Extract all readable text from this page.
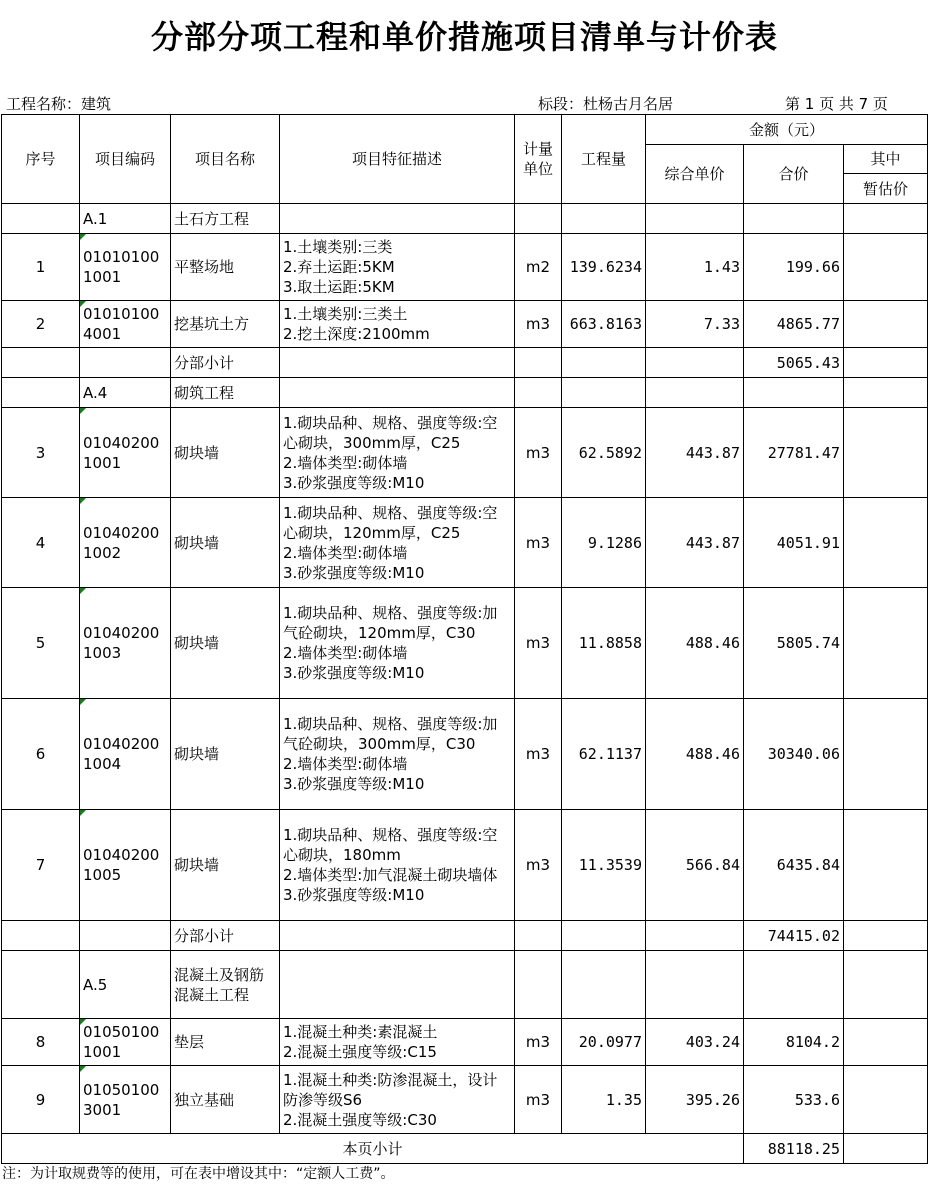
分部分项工程和单价措施项目清单与计价表
工程名称：建筑	标段：杜杨古月名居	第 1 页 共 7 页
序号	项目编码	项目名称	项目特征描述	计量单位	工程量	金额（元）		
						综合单价	合价	其中
								暂估价
	A.1	土石方工程						
1	010101001001	平整场地	1.土壤类别:三类
2.弃土运距:5KM
3.取土运距:5KM	m2	139.6234	1.43	199.66	
2	010101004001	挖基坑土方	1.土壤类别:三类土
2.挖土深度:2100mm	m3	663.8163	7.33	4865.77	
		分部小计					5065.43	
	A.4	砌筑工程						
3	010402001001	砌块墙	1.砌块品种、规格、强度等级:空心砌块，300mm厚，C25
2.墙体类型:砌体墙
3.砂浆强度等级:M10	m3	62.5892	443.87	27781.47	
4	010402001002	砌块墙	1.砌块品种、规格、强度等级:空心砌块，120mm厚，C25
2.墙体类型:砌体墙
3.砂浆强度等级:M10	m3	9.1286	443.87	4051.91	
5	010402001003	砌块墙	1.砌块品种、规格、强度等级:加气砼砌块，120mm厚，C30
2.墙体类型:砌体墙
3.砂浆强度等级:M10	m3	11.8858	488.46	5805.74	
6	010402001004	砌块墙	1.砌块品种、规格、强度等级:加气砼砌块，300mm厚，C30
2.墙体类型:砌体墙
3.砂浆强度等级:M10	m3	62.1137	488.46	30340.06	
7	010402001005	砌块墙	1.砌块品种、规格、强度等级:空心砌块，180mm
2.墙体类型:加气混凝土砌块墙体
3.砂浆强度等级:M10	m3	11.3539	566.84	6435.84	
		分部小计					74415.02	
	A.5	混凝土及钢筋混凝土工程						
8	010501001001	垫层	1.混凝土种类:素混凝土
2.混凝土强度等级:C15	m3	20.0977	403.24	8104.2	
9	010501003001	独立基础	1.混凝土种类:防渗混凝土，设计防渗等级S6
2.混凝土强度等级:C30	m3	1.35	395.26	533.6	
本页小计							88118.25	
注：为计取规费等的使用，可在表中增设其中：“定额人工费”。
